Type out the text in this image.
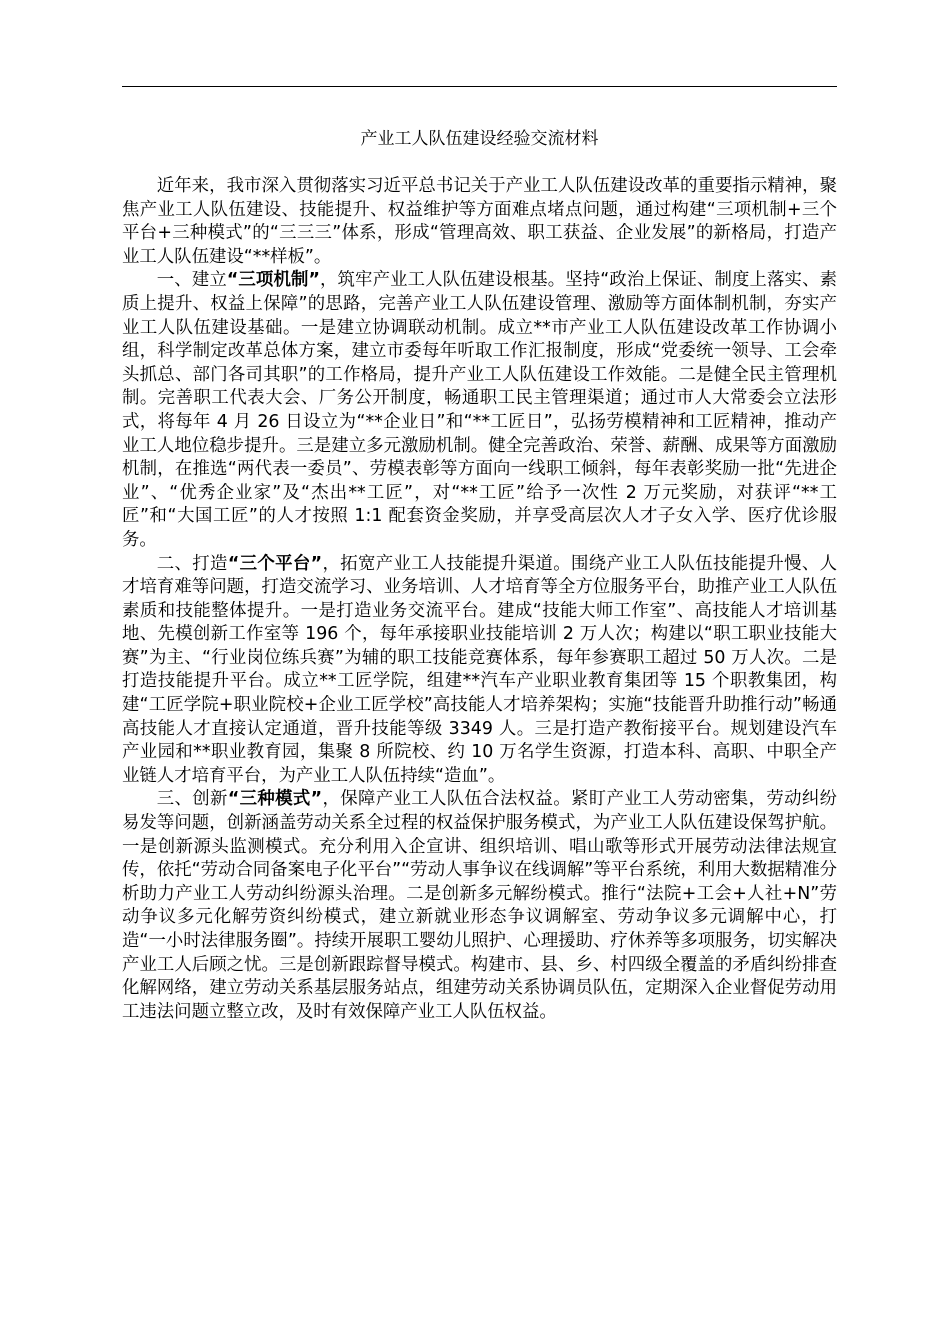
产业工人队伍建设经验交流材料

近年来，我市深入贯彻落实习近平总书记关于产业工人队伍建设改革的重要指示精神，聚焦产业工人队伍建设、技能提升、权益维护等方面难点堵点问题，通过构建“三项机制+三个平台+三种模式”的“三三三”体系，形成“管理高效、职工获益、企业发展”的新格局，打造产业工人队伍建设“**样板”。

一、建立“三项机制”，筑牢产业工人队伍建设根基。坚持“政治上保证、制度上落实、素质上提升、权益上保障”的思路，完善产业工人队伍建设管理、激励等方面体制机制，夯实产业工人队伍建设基础。一是建立协调联动机制。成立**市产业工人队伍建设改革工作协调小组，科学制定改革总体方案，建立市委每年听取工作汇报制度，形成“党委统一领导、工会牵头抓总、部门各司其职”的工作格局，提升产业工人队伍建设工作效能。二是健全民主管理机制。完善职工代表大会、厂务公开制度，畅通职工民主管理渠道；通过市人大常委会立法形式，将每年 4 月 26 日设立为“**企业日”和“**工匠日”，弘扬劳模精神和工匠精神，推动产业工人地位稳步提升。三是建立多元激励机制。健全完善政治、荣誉、薪酬、成果等方面激励机制，在推选“两代表一委员”、劳模表彰等方面向一线职工倾斜，每年表彰奖励一批“先进企业”、“优秀企业家”及“杰出**工匠”，对“**工匠”给予一次性 2 万元奖励，对获评“**工匠”和“大国工匠”的人才按照 1:1 配套资金奖励，并享受高层次人才子女入学、医疗优诊服务。

二、打造“三个平台”，拓宽产业工人技能提升渠道。围绕产业工人队伍技能提升慢、人才培育难等问题，打造交流学习、业务培训、人才培育等全方位服务平台，助推产业工人队伍素质和技能整体提升。一是打造业务交流平台。建成“技能大师工作室”、高技能人才培训基地、先模创新工作室等 196 个，每年承接职业技能培训 2 万人次；构建以“职工职业技能大赛”为主、“行业岗位练兵赛”为辅的职工技能竞赛体系，每年参赛职工超过 50 万人次。二是打造技能提升平台。成立**工匠学院，组建**汽车产业职业教育集团等 15 个职教集团，构建“工匠学院+职业院校+企业工匠学校”高技能人才培养架构；实施“技能晋升助推行动”畅通高技能人才直接认定通道，晋升技能等级 3349 人。三是打造产教衔接平台。规划建设汽车产业园和**职业教育园，集聚 8 所院校、约 10 万名学生资源，打造本科、高职、中职全产业链人才培育平台，为产业工人队伍持续“造血”。

三、创新“三种模式”，保障产业工人队伍合法权益。紧盯产业工人劳动密集，劳动纠纷易发等问题，创新涵盖劳动关系全过程的权益保护服务模式，为产业工人队伍建设保驾护航。一是创新源头监测模式。充分利用入企宣讲、组织培训、唱山歌等形式开展劳动法律法规宣传，依托“劳动合同备案电子化平台”“劳动人事争议在线调解”等平台系统，利用大数据精准分析助力产业工人劳动纠纷源头治理。二是创新多元解纷模式。推行“法院+工会+人社+N”劳动争议多元化解劳资纠纷模式，建立新就业形态争议调解室、劳动争议多元调解中心，打造“一小时法律服务圈”。持续开展职工婴幼儿照护、心理援助、疗休养等多项服务，切实解决产业工人后顾之忧。三是创新跟踪督导模式。构建市、县、乡、村四级全覆盖的矛盾纠纷排查化解网络，建立劳动关系基层服务站点，组建劳动关系协调员队伍，定期深入企业督促劳动用工违法问题立整立改，及时有效保障产业工人队伍权益。
